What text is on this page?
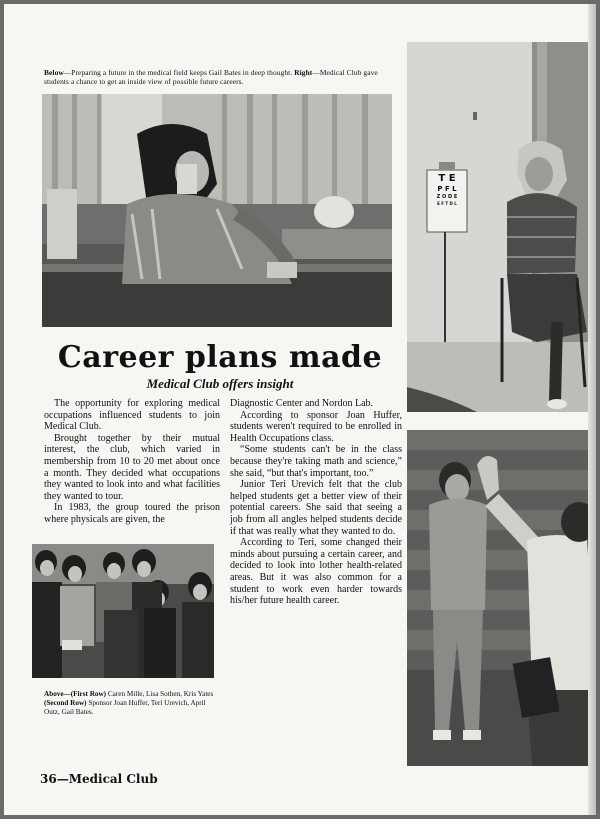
Below—Preparing a future in the medical field keeps Gail Bates in deep thought. Right—Medical Club gave students a chance to get an inside view of possible future careers.
T E
P F L
Z O D E
E F T D L
Career plans made
Medical Club offers insight

The opportunity for exploring medical occupations influenced students to join Medical Club.

Brought together by their mutual interest, the club, which varied in membership from 10 to 20 met about once a month. They decided what occupations they wanted to look into and what facilities they wanted to tour.

In 1983, the group toured the prison where physicals are given, the

Diagnostic Center and Nordon Lab.

According to sponsor Joan Huffer, students weren't required to be enrolled in Health Occupations class.

“Some students can't be in the class because they're taking math and science,” she said, “but that's important, too.”

Junior Teri Urevich felt that the club helped students get a better view of their potential careers. She said that seeing a job from all angles helped students decide if that was really what they wanted to do.

According to Teri, some changed their minds about pursuing a certain career, and decided to look into lother health-related areas. But it was also common for a student to work even harder towards his/her future health career.

Above—(First Row) Caren Mille, Lisa Sothen, Kris Yates (Second Row) Sponsor Joan Huffer, Teri Urevich, April Outz, Gail Bates.
36—Medical Club
